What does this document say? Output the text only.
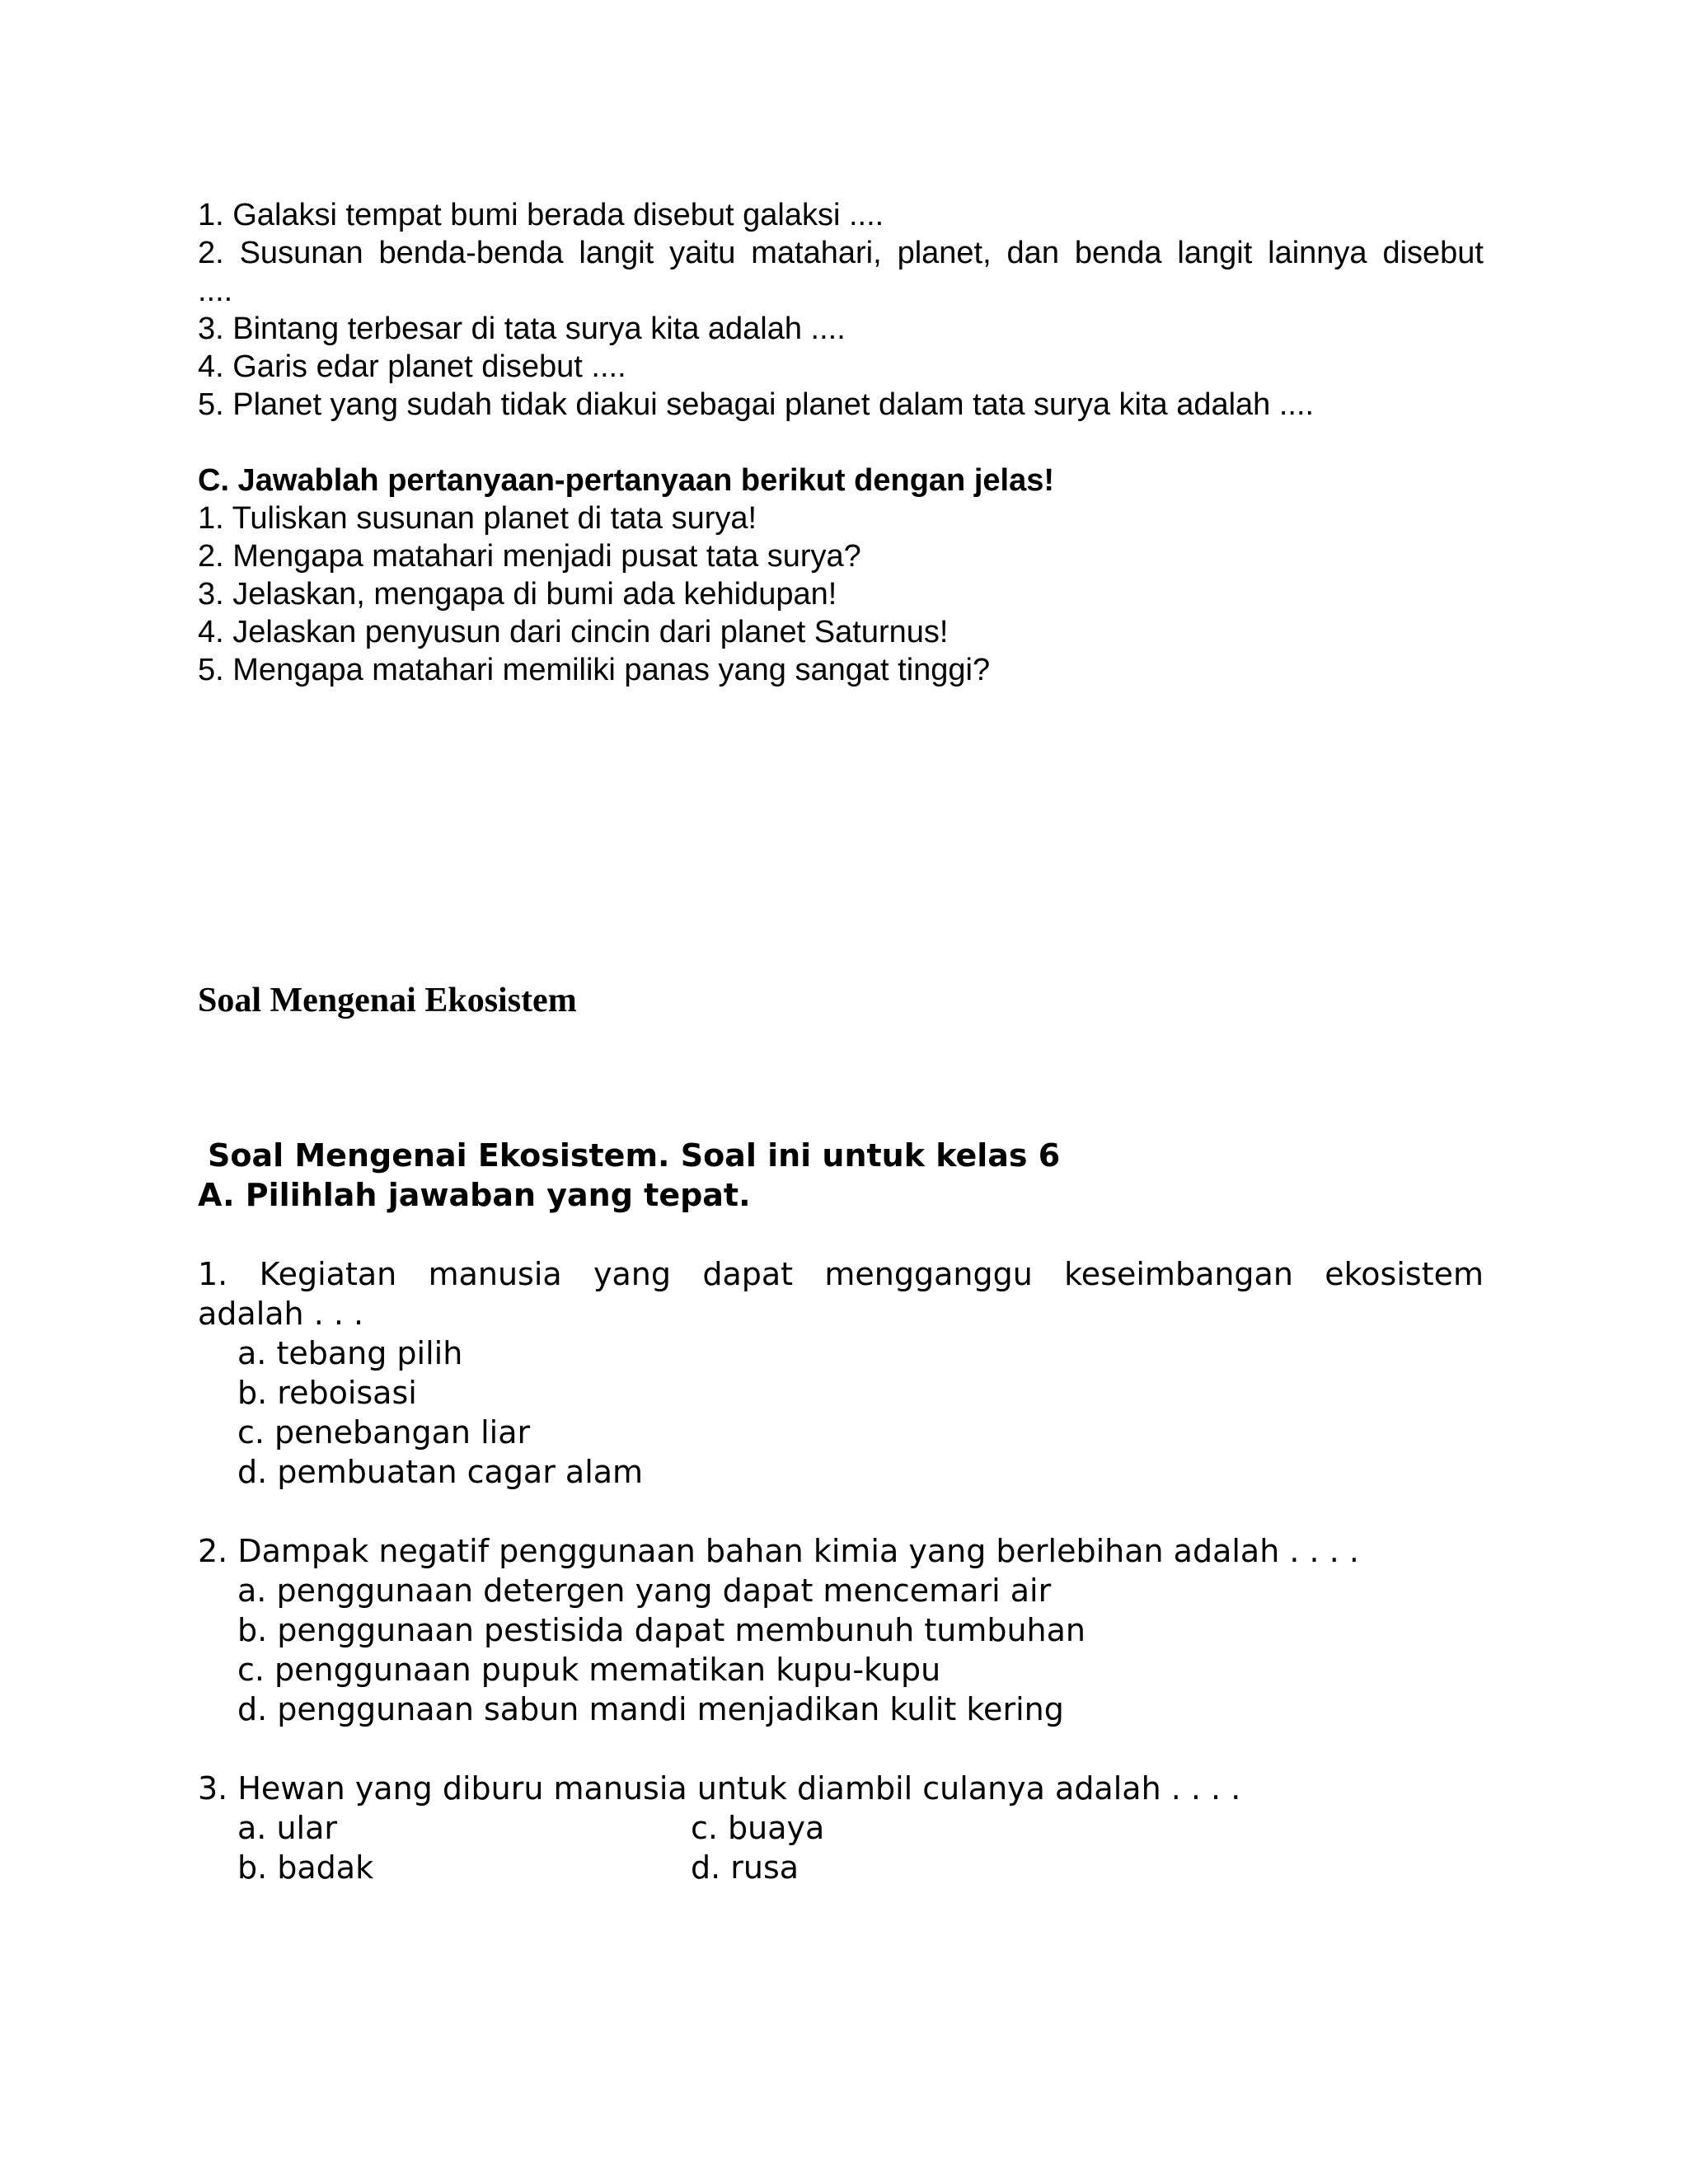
1. Galaksi tempat bumi berada disebut galaksi ....
2. Susunan benda-benda langit yaitu matahari, planet, dan benda langit lainnya disebut
....
3. Bintang terbesar di tata surya kita adalah ....
4. Garis edar planet disebut ....
5. Planet yang sudah tidak diakui sebagai planet dalam tata surya kita adalah ....
C. Jawablah pertanyaan-pertanyaan berikut dengan jelas!
1. Tuliskan susunan planet di tata surya!
2. Mengapa matahari menjadi pusat tata surya?
3. Jelaskan, mengapa di bumi ada kehidupan!
4. Jelaskan penyusun dari cincin dari planet Saturnus!
5. Mengapa matahari memiliki panas yang sangat tinggi?
Soal Mengenai Ekosistem
Soal Mengenai Ekosistem. Soal ini untuk kelas 6
A. Pilihlah jawaban yang tepat.
1. Kegiatan manusia yang dapat mengganggu keseimbangan ekosistem
adalah . . .
a. tebang pilih
b. reboisasi
c. penebangan liar
d. pembuatan cagar alam
2. Dampak negatif penggunaan bahan kimia yang berlebihan adalah . . . .
a. penggunaan detergen yang dapat mencemari air
b. penggunaan pestisida dapat membunuh tumbuhan
c. penggunaan pupuk mematikan kupu-kupu
d. penggunaan sabun mandi menjadikan kulit kering
3. Hewan yang diburu manusia untuk diambil culanya adalah . . . .
a. ular	c. buaya
b. badak	d. rusa
